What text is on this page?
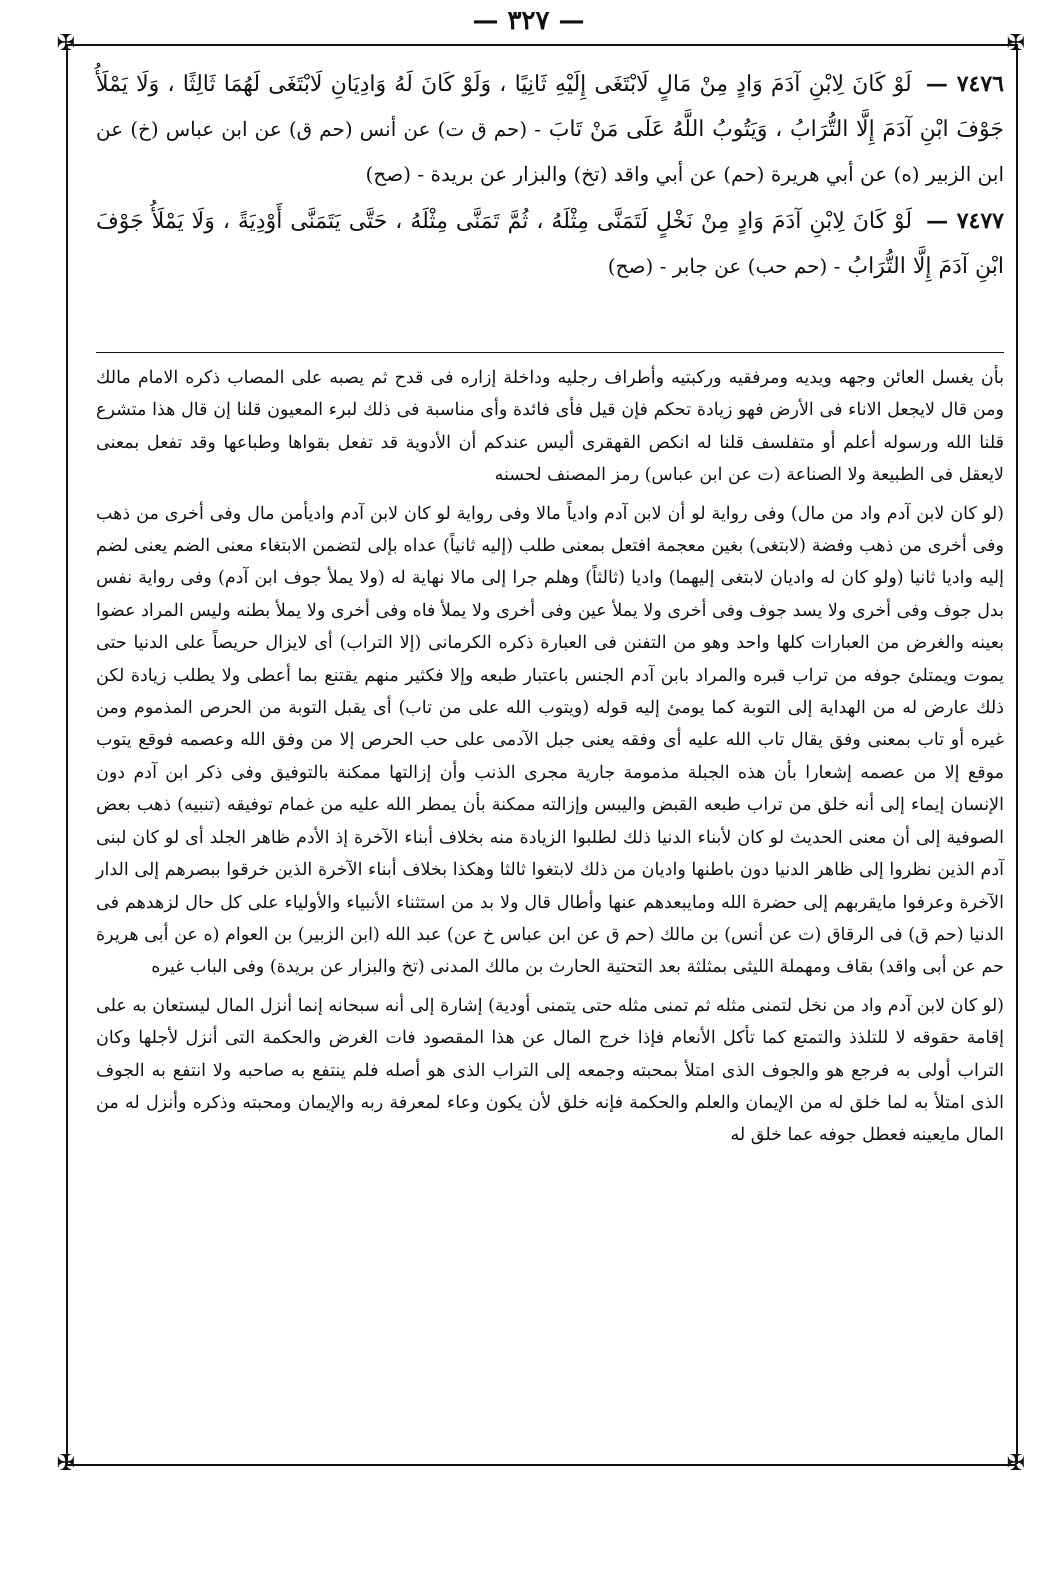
— ٣٢٧ —
✠	✠
✠	✠

٧٤٧٦ — لَوْ كَانَ لِابْنِ آدَمَ وَادٍ مِنْ مَالٍ لَابْتَغَى إِلَيْهِ ثَانِيًا ، وَلَوْ كَانَ لَهُ وَادِيَانِ لَابْتَغَى لَهُمَا ثَالِثًا ، وَلَا يَمْلَأُ جَوْفَ ابْنِ آدَمَ إِلَّا التُّرَابُ ، وَيَتُوبُ اللَّهُ عَلَى مَنْ تَابَ - (حم ق ت) عن أنس (حم ق) عن ابن عباس (خ) عن ابن الزبير (ه) عن أبي هريرة (حم) عن أبي واقد (تخ) والبزار عن بريدة - (صح)

٧٤٧٧ — لَوْ كَانَ لِابْنِ آدَمَ وَادٍ مِنْ نَخْلٍ لَتَمَنَّى مِثْلَهُ ، ثُمَّ تَمَنَّى مِثْلَهُ ، حَتَّى يَتَمَنَّى أَوْدِيَةً ، وَلَا يَمْلَأُ جَوْفَ ابْنِ آدَمَ إِلَّا التُّرَابُ - (حم حب) عن جابر - (صح)

بأن يغسل العائن وجهه ويديه ومرفقيه وركبتيه وأطراف رجليه وداخلة إزاره فى قدح ثم يصبه على المصاب ذكره الامام مالك ومن قال لايجعل الاناء فى الأرض فهو زيادة تحكم فإن قيل فأى فائدة وأى مناسبة فى ذلك لبرء المعيون قلنا إن قال هذا متشرع قلنا الله ورسوله أعلم أو متفلسف قلنا له انكص القهقرى أليس عندكم أن الأدوية قد تفعل بقواها وطباعها وقد تفعل بمعنى لايعقل فى الطبيعة ولا الصناعة (ت عن ابن عباس) رمز المصنف لحسنه

(لو كان لابن آدم واد من مال) وفى رواية لو أن لابن آدم وادياً مالا وفى رواية لو كان لابن آدم واديأمن مال وفى أخرى من ذهب وفى أخرى من ذهب وفضة (لابتغى) بغين معجمة افتعل بمعنى طلب (إليه ثانياً) عداه بإلى لتضمن الابتغاء معنى الضم يعنى لضم إليه واديا ثانيا (ولو كان له واديان لابتغى إليهما) واديا (ثالثاً) وهلم جرا إلى مالا نهاية له (ولا يملأ جوف ابن آدم) وفى رواية نفس بدل جوف وفى أخرى ولا يسد جوف وفى أخرى ولا يملأ عين وفى أخرى ولا يملأ فاه وفى أخرى ولا يملأ بطنه وليس المراد عضوا بعينه والغرض من العبارات كلها واحد وهو من التفنن فى العبارة ذكره الكرمانى (إلا التراب) أى لايزال حريصاً على الدنيا حتى يموت ويمتلئ جوفه من تراب قبره والمراد بابن آدم الجنس باعتبار طبعه وإلا فكثير منهم يقتنع بما أعطى ولا يطلب زيادة لكن ذلك عارض له من الهداية إلى التوبة كما يومئ إليه قوله (ويتوب الله على من تاب) أى يقبل التوبة من الحرص المذموم ومن غيره أو تاب بمعنى وفق يقال تاب الله عليه أى وفقه يعنى جبل الآدمى على حب الحرص إلا من وفق الله وعصمه فوقع يتوب موقع إلا من عصمه إشعارا بأن هذه الجبلة مذمومة جارية مجرى الذنب وأن إزالتها ممكنة بالتوفيق وفى ذكر ابن آدم دون الإنسان إيماء إلى أنه خلق من تراب طبعه القبض واليبس وإزالته ممكنة بأن يمطر الله عليه من غمام توفيقه (تنبيه) ذهب بعض الصوفية إلى أن معنى الحديث لو كان لأبناء الدنيا ذلك لطلبوا الزيادة منه بخلاف أبناء الآخرة إذ الأدم ظاهر الجلد أى لو كان لبنى آدم الذين نظروا إلى ظاهر الدنيا دون باطنها واديان من ذلك لابتغوا ثالثا وهكذا بخلاف أبناء الآخرة الذين خرقوا ببصرهم إلى الدار الآخرة وعرفوا مايقربهم إلى حضرة الله ومايبعدهم عنها وأطال قال ولا بد من استثناء الأنبياء والأولياء على كل حال لزهدهم فى الدنيا (حم ق) فى الرقاق (ت عن أنس) بن مالك (حم ق عن ابن عباس خ عن) عبد الله (ابن الزبير) بن العوام (ه عن أبى هريرة حم عن أبى واقد) بقاف ومهملة الليثى بمثلثة بعد التحتية الحارث بن مالك المدنى (تخ والبزار عن بريدة) وفى الباب غيره

(لو كان لابن آدم واد من نخل لتمنى مثله ثم تمنى مثله حتى يتمنى أودية) إشارة إلى أنه سبحانه إنما أنزل المال ليستعان به على إقامة حقوقه لا للتلذذ والتمتع كما تأكل الأنعام فإذا خرج المال عن هذا المقصود فات الغرض والحكمة التى أنزل لأجلها وكان التراب أولى به فرجع هو والجوف الذى امتلأ بمحبته وجمعه إلى التراب الذى هو أصله فلم ينتفع به صاحبه ولا انتفع به الجوف الذى امتلأ به لما خلق له من الإيمان والعلم والحكمة فإنه خلق لأن يكون وعاء لمعرفة ربه والإيمان ومحبته وذكره وأنزل له من المال مايعينه فعطل جوفه عما خلق له
